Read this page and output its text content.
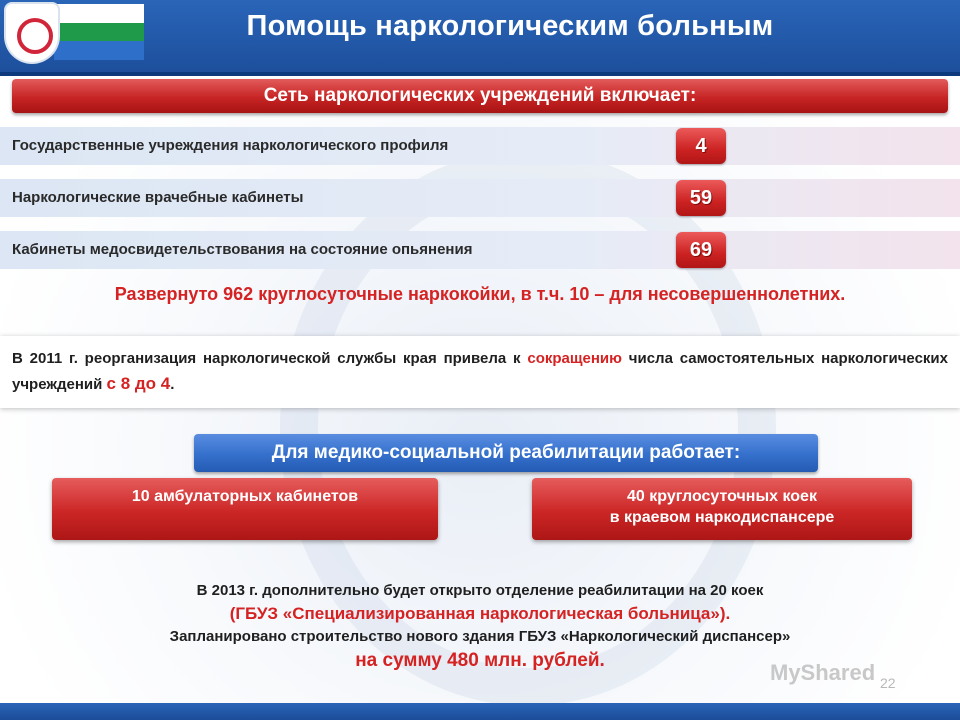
Помощь наркологическим больным
Сеть наркологических учреждений включает:
Государственные учреждения наркологического профиля	4
Наркологические врачебные кабинеты	59
Кабинеты медосвидетельствования на состояние опьянения	69
Развернуто 962 круглосуточные наркокойки, в т.ч. 10 – для несовершеннолетних.
В 2011 г. реорганизация наркологической службы края привела к сокращению числа самостоятельных наркологических учреждений с 8 до 4.
Для медико-социальной реабилитации работает:
10 амбулаторных кабинетов	40 круглосуточных коек
в краевом наркодиспансере
В 2013 г. дополнительно будет открыто отделение реабилитации на 20 коек
(ГБУЗ «Специализированная наркологическая больница»).
Запланировано строительство нового здания ГБУЗ «Наркологический диспансер»
на сумму 480 млн. рублей.	MyShared 22
